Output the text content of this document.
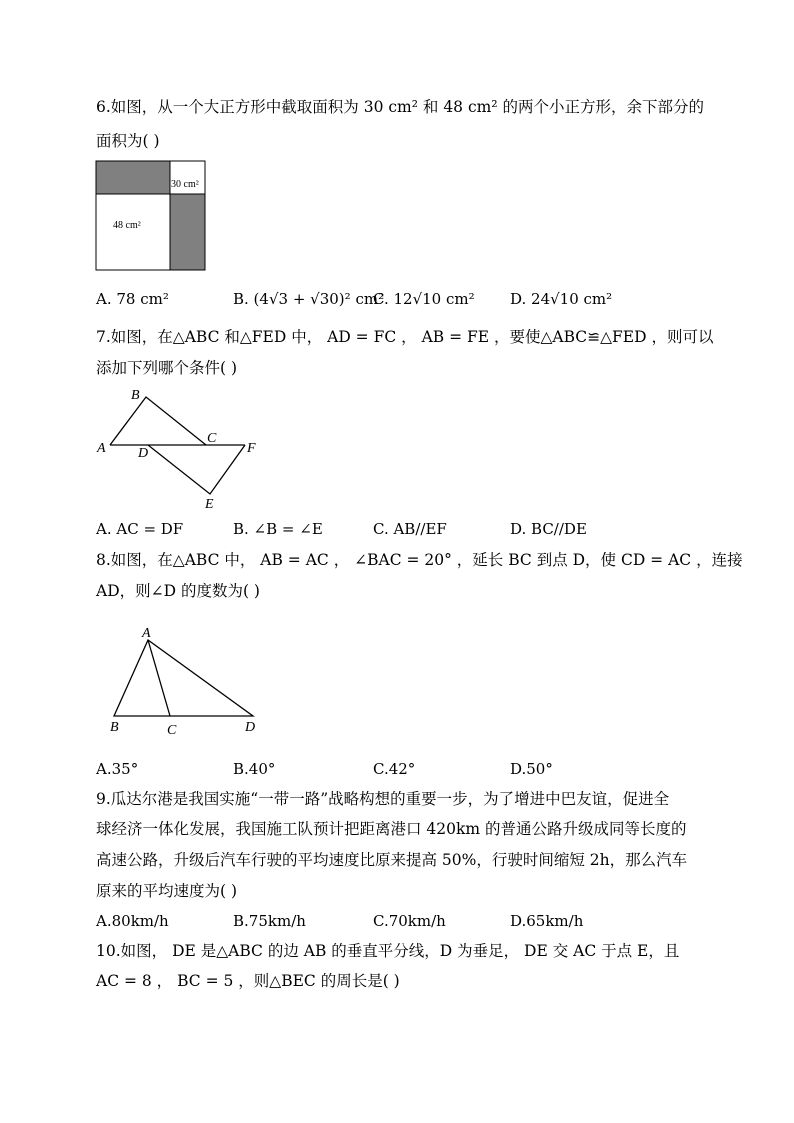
6.如图，从一个大正方形中截取面积为 30 cm² 和 48 cm² 的两个小正方形，余下部分的
面积为( )
30 cm²
48 cm²
A. 78 cm²	B. (4√3 + √30)² cm²
C. 12√10 cm² D. 24√10 cm²
7.如图，在△ABC 和△FED 中， AD = FC ， AB = FE ，要使△ABC≌△FED ，则可以
添加下列哪个条件( )
B
C
A D	F
E
A. AC = DF	B. ∠B = ∠E	C. AB//EF	D. BC//DE
8.如图，在△ABC 中， AB = AC ， ∠BAC = 20° ，延长 BC 到点 D，使 CD = AC ，连接
AD，则∠D 的度数为( )
A
B	C	D
A.35°	B.40°	C.42°	D.50°
9.瓜达尔港是我国实施“一带一路”战略构想的重要一步，为了增进中巴友谊，促进全
球经济一体化发展，我国施工队预计把距离港口 420km 的普通公路升级成同等长度的
高速公路，升级后汽车行驶的平均速度比原来提高 50%，行驶时间缩短 2h，那么汽车
原来的平均速度为( )
A.80km/h	B.75km/h	C.70km/h	D.65km/h
10.如图， DE 是△ABC 的边 AB 的垂直平分线，D 为垂足， DE 交 AC 于点 E，且
AC = 8 ， BC = 5 ，则△BEC 的周长是( )
